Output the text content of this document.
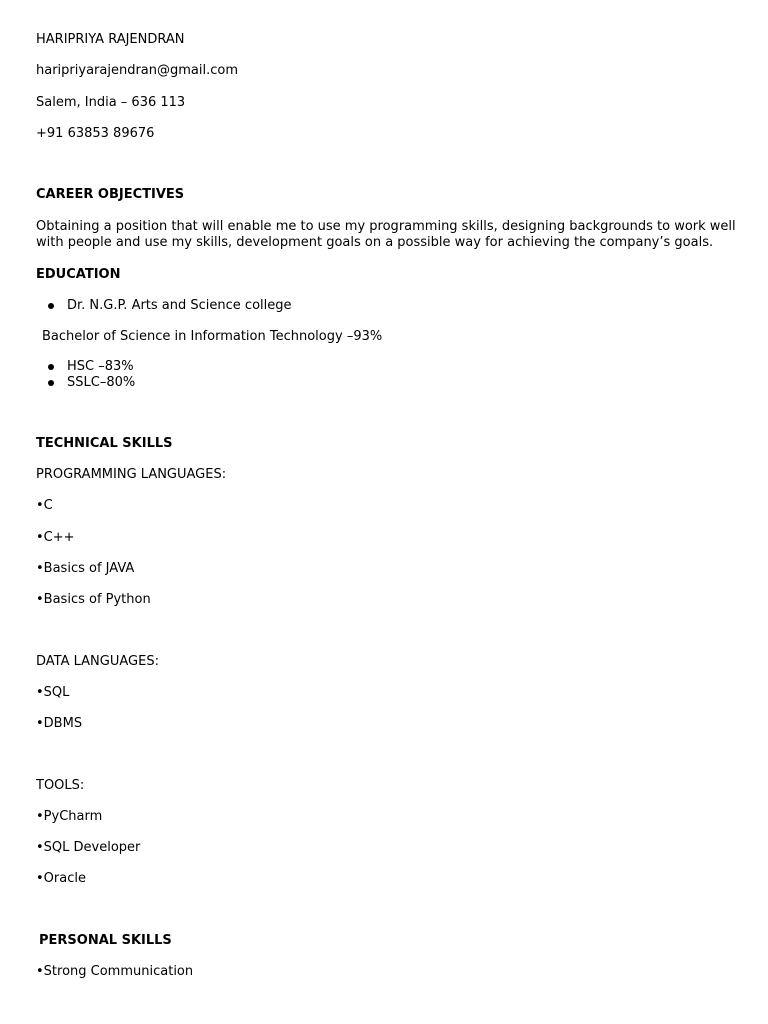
HARIPRIYA RAJENDRAN
haripriyarajendran@gmail.com
Salem, India – 636 113
+91 63853 89676
CAREER OBJECTIVES
Obtaining a position that will enable me to use my programming skills, designing backgrounds to work well with people and use my skills, development goals on a possible way for achieving the company’s goals.
EDUCATION
Dr. N.G.P. Arts and Science college
Bachelor of Science in Information Technology –93%
HSC –83%
SSLC–80%
TECHNICAL SKILLS
PROGRAMMING LANGUAGES:
•C
•C++
•Basics of JAVA
•Basics of Python
DATA LANGUAGES:
•SQL
•DBMS
TOOLS:
•PyCharm
•SQL Developer
•Oracle
PERSONAL SKILLS
•Strong Communication
